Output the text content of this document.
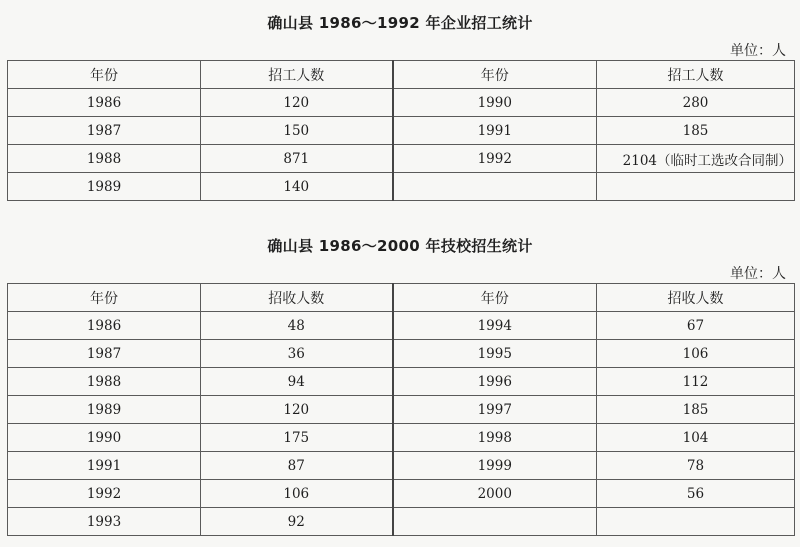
确山县 1986～1992 年企业招工统计
单位：人
年份	招工人数	年份	招工人数
1986	120	1990	280
1987	150	1991	185
1988	871	1992	2104（临时工选改合同制）
1989	140		
确山县 1986～2000 年技校招生统计
单位：人
年份	招收人数	年份	招收人数
1986	48	1994	67
1987	36	1995	106
1988	94	1996	112
1989	120	1997	185
1990	175	1998	104
1991	87	1999	78
1992	106	2000	56
1993	92		
